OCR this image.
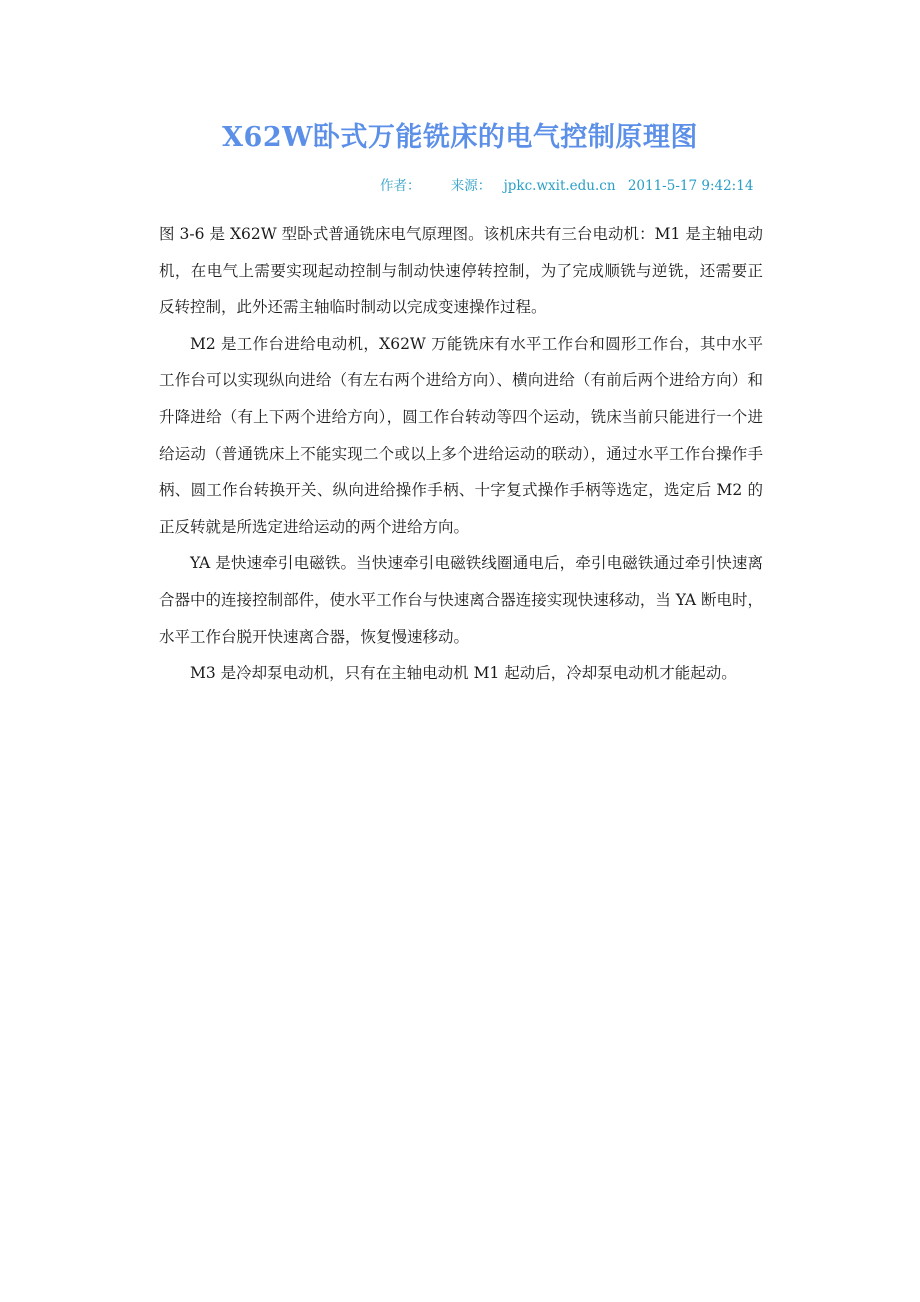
X62W卧式万能铣床的电气控制原理图
作者： 来源： jpkc.wxit.edu.cn 2011-5-17 9:42:14

图 3-6 是 X62W 型卧式普通铣床电气原理图。该机床共有三台电动机：M1 是主轴电动机，在电气上需要实现起动控制与制动快速停转控制，为了完成顺铣与逆铣，还需要正反转控制，此外还需主轴临时制动以完成变速操作过程。

M2 是工作台进给电动机，X62W 万能铣床有水平工作台和圆形工作台，其中水平工作台可以实现纵向进给（有左右两个进给方向）、横向进给（有前后两个进给方向）和升降进给（有上下两个进给方向），圆工作台转动等四个运动，铣床当前只能进行一个进给运动（普通铣床上不能实现二个或以上多个进给运动的联动），通过水平工作台操作手柄、圆工作台转换开关、纵向进给操作手柄、十字复式操作手柄等选定，选定后 M2 的正反转就是所选定进给运动的两个进给方向。

YA 是快速牵引电磁铁。当快速牵引电磁铁线圈通电后，牵引电磁铁通过牵引快速离合器中的连接控制部件，使水平工作台与快速离合器连接实现快速移动，当 YA 断电时，水平工作台脱开快速离合器，恢复慢速移动。

M3 是冷却泵电动机，只有在主轴电动机 M1 起动后，冷却泵电动机才能起动。
